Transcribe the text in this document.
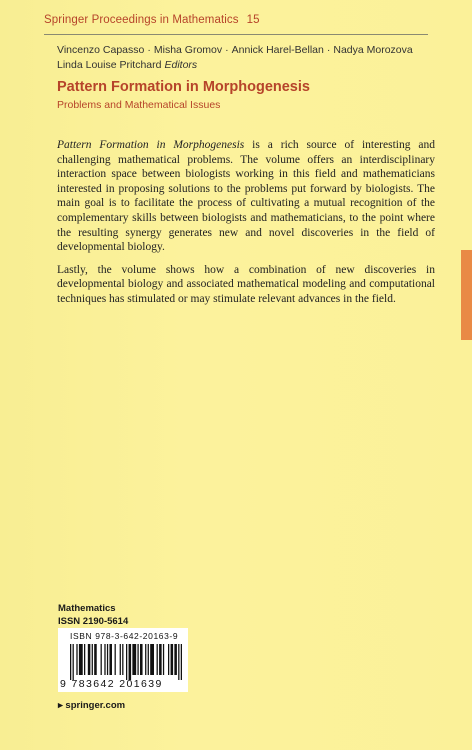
Springer Proceedings in Mathematics 15
Vincenzo Capasso · Misha Gromov · Annick Harel-Bellan · Nadya Morozova
Linda Louise Pritchard Editors
Pattern Formation in Morphogenesis
Problems and Mathematical Issues

Pattern Formation in Morphogenesis is a rich source of interesting and challenging mathematical problems. The volume offers an interdisciplinary interaction space between biologists working in this field and mathematicians interested in proposing solutions to the problems put forward by biologists. The main goal is to facilitate the process of cultivating a mutual recognition of the complementary skills between biologists and mathematicians, to the point where the resulting synergy generates new and novel discoveries in the field of developmental biology.

Lastly, the volume shows how a combination of new discoveries in developmental biology and associated mathematical modeling and computational techniques has stimulated or may stimulate relevant advances in the field.

Mathematics
ISSN 2190-5614
ISBN 978-3-642-20163-9
9 783642 201639
▸ springer.com
